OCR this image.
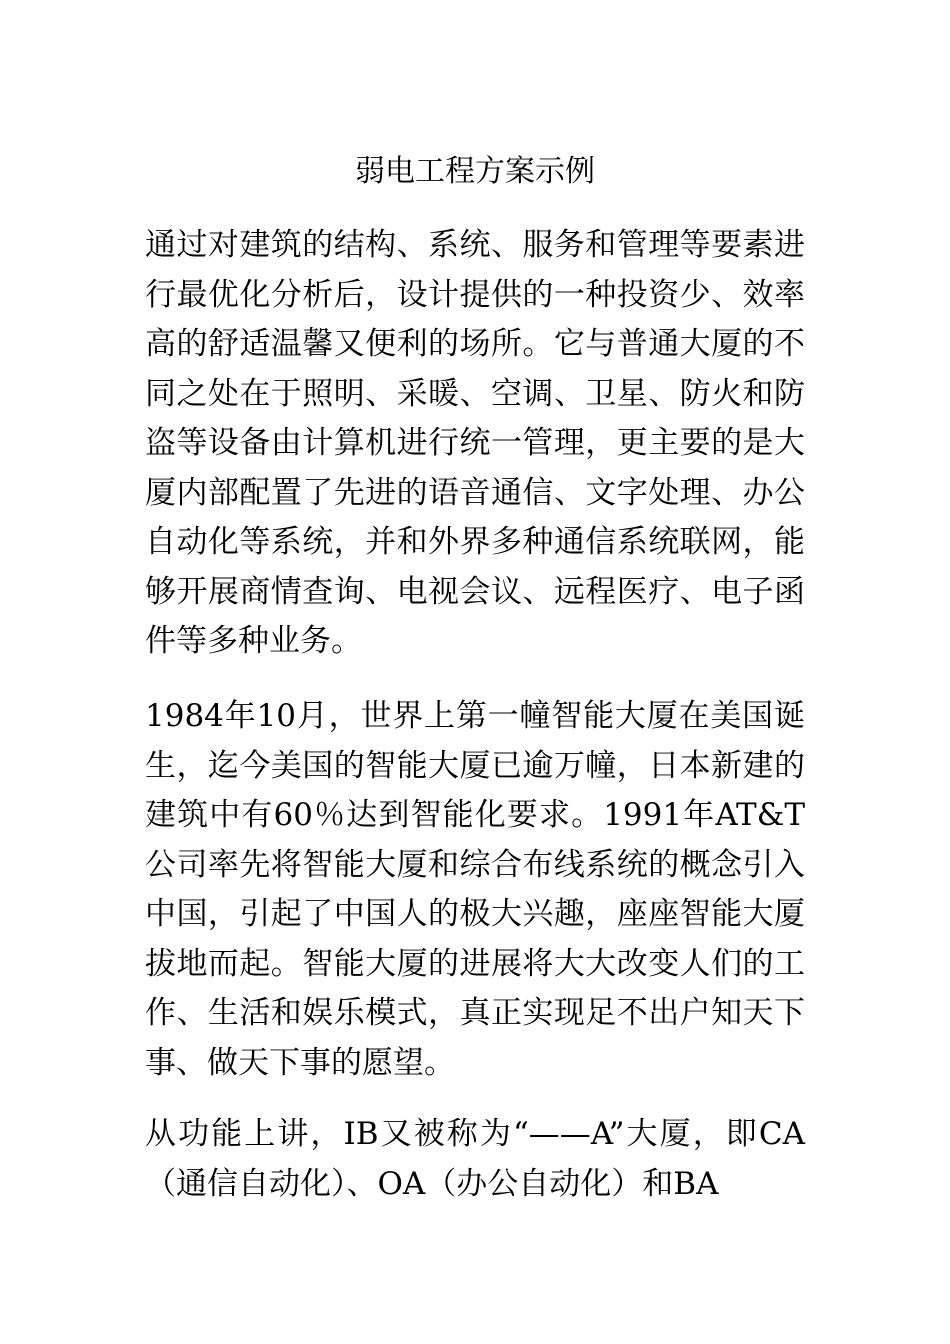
弱电工程方案示例

通过对建筑的结构、系统、服务和管理等要素进行最优化分析后，设计提供的一种投资少、效率高的舒适温馨又便利的场所。它与普通大厦的不同之处在于照明、采暖、空调、卫星、防火和防盗等设备由计算机进行统一管理，更主要的是大厦内部配置了先进的语音通信、文字处理、办公自动化等系统，并和外界多种通信系统联网，能够开展商情查询、电视会议、远程医疗、电子函件等多种业务。

1984年10月，世界上第一幢智能大厦在美国诞生，迄今美国的智能大厦已逾万幢，日本新建的建筑中有60％达到智能化要求。1991年AT&T公司率先将智能大厦和综合布线系统的概念引入中国，引起了中国人的极大兴趣，座座智能大厦拔地而起。智能大厦的进展将大大改变人们的工作、生活和娱乐模式，真正实现足不出户知天下事、做天下事的愿望。

从功能上讲，IB又被称为“——A”大厦，即CA（通信自动化）、OA（办公自动化）和BA
